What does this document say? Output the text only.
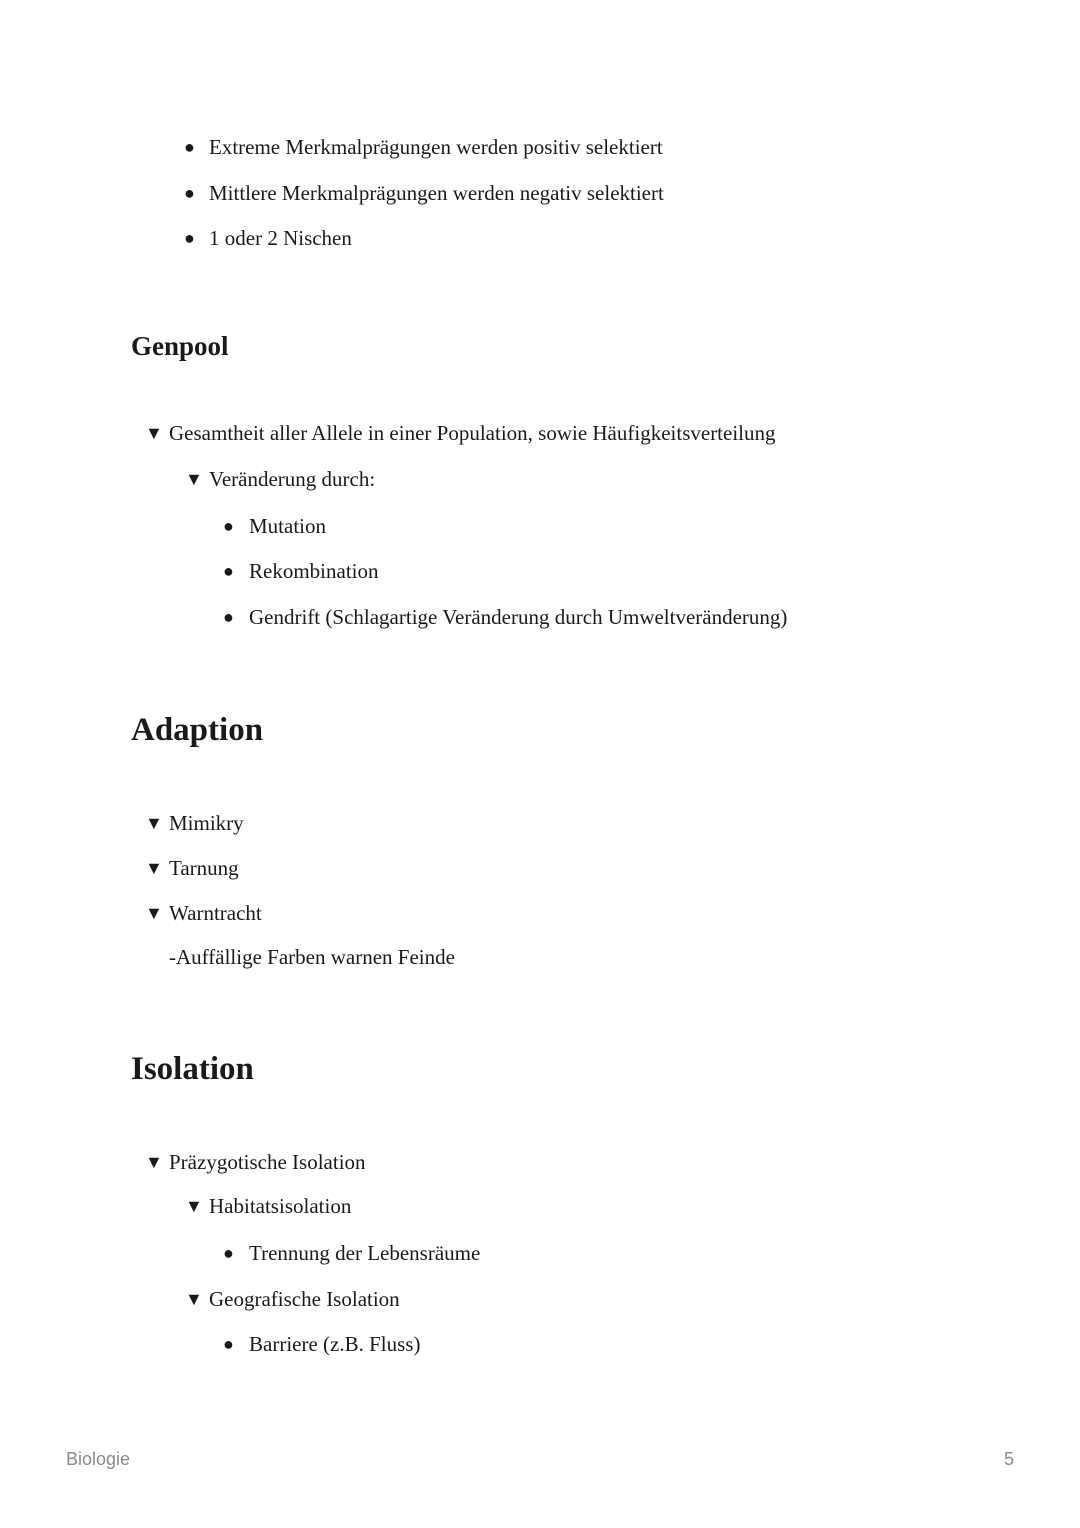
● Extreme Merkmalprägungen werden positiv selektiert
● Mittlere Merkmalprägungen werden negativ selektiert
● 1 oder 2 Nischen
Genpool
▼ Gesamtheit aller Allele in einer Population, sowie Häufigkeitsverteilung
▼ Veränderung durch:
● Mutation
● Rekombination
● Gendrift (Schlagartige Veränderung durch Umweltveränderung)
Adaption
▼ Mimikry
▼ Tarnung
▼ Warntracht
-Auffällige Farben warnen Feinde
Isolation
▼ Präzygotische Isolation
▼ Habitatsisolation
● Trennung der Lebensräume
▼ Geografische Isolation
● Barriere (z.B. Fluss)
Biologie	5
